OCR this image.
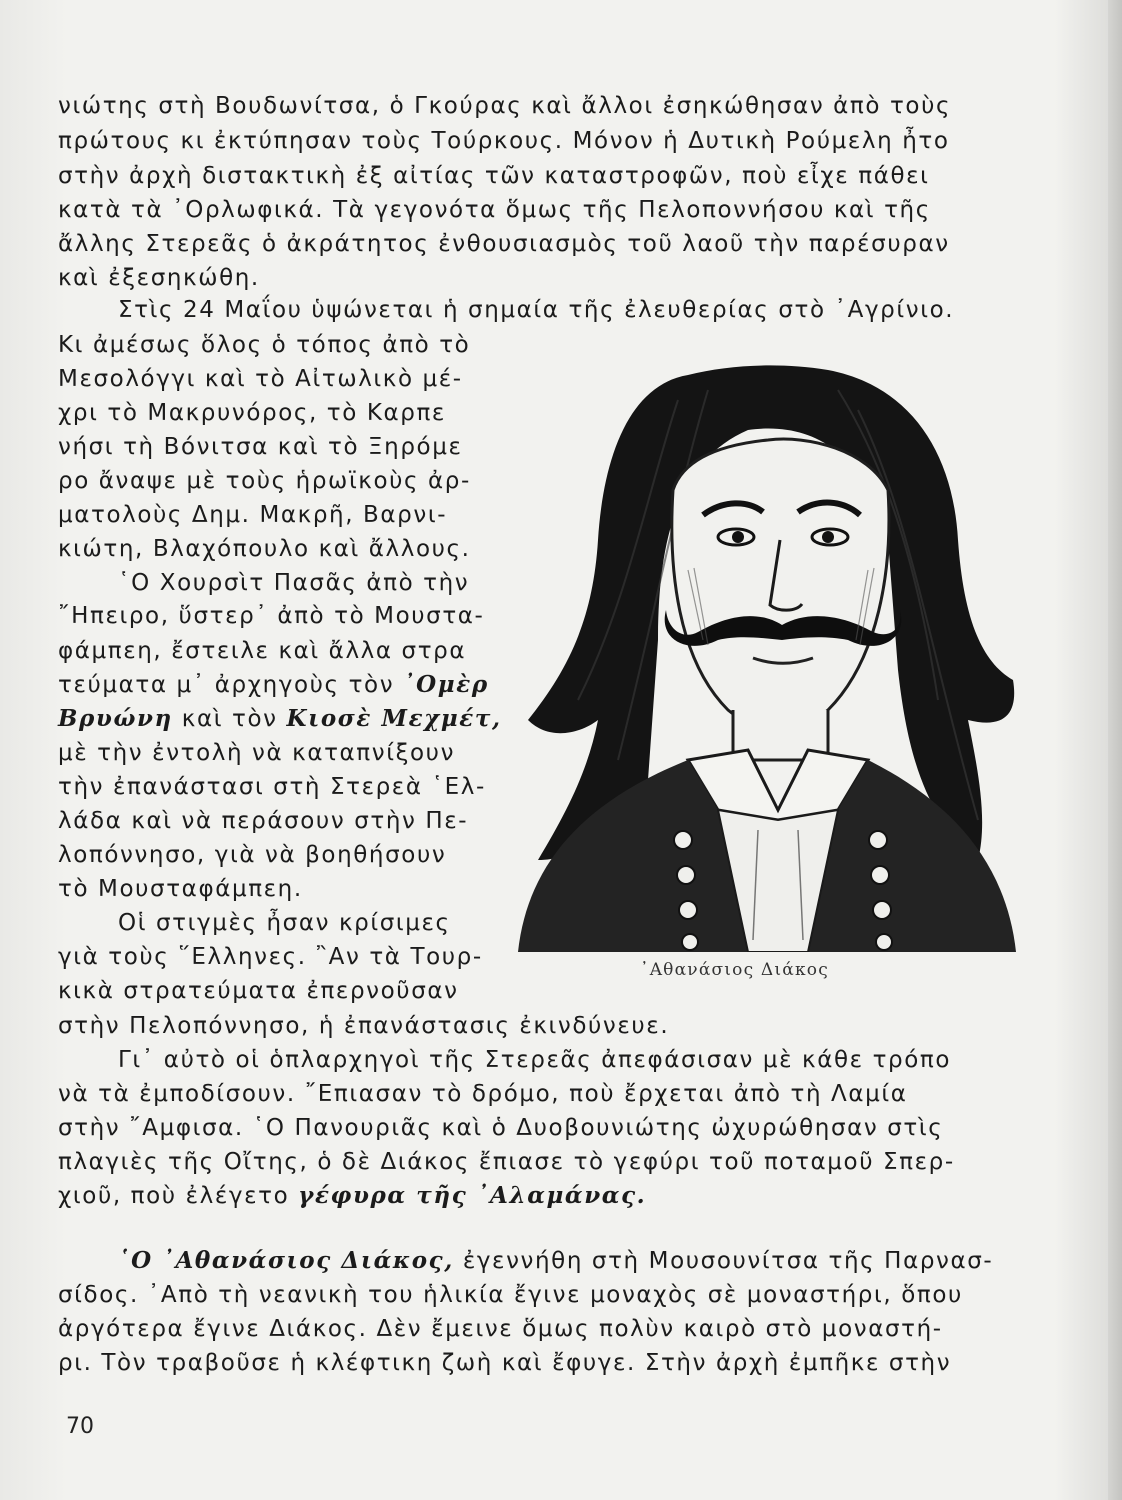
νιώτης στὴ Βουδωνίτσα, ὁ Γκούρας καὶ ἄλλοι ἐσηκώθησαν ἀπὸ τοὺς
πρώτους κι ἐκτύπησαν τοὺς Τούρκους. Μόνον ἡ Δυτικὴ Ρούμελη ἦτο
στὴν ἀρχὴ διστακτικὴ ἐξ αἰτίας τῶν καταστροφῶν, ποὺ εἶχε πάθει
κατὰ τὰ ᾿Ορλωφικά. Τὰ γεγονότα ὅμως τῆς Πελοποννήσου καὶ τῆς
ἄλλης Στερεᾶς ὁ ἀκράτητος ἐνθουσιασμὸς τοῦ λαοῦ τὴν παρέσυραν
καὶ ἐξεσηκώθη.
Στὶς 24 Μαΐου ὑψώνεται ἡ σημαία τῆς ἐλευθερίας στὸ ᾿Αγρίνιο.
Κι ἀμέσως ὅλος ὁ τόπος ἀπὸ τὸ
Μεσολόγγι καὶ τὸ Αἰτωλικὸ μέ-
χρι τὸ Μακρυνόρος, τὸ Καρπε
νήσι τὴ Βόνιτσα καὶ τὸ Ξηρόμε
ρο ἄναψε μὲ τοὺς ἡρωϊκοὺς ἀρ-
ματολοὺς Δημ. Μακρῆ, Βαρνι-
κιώτη, Βλαχόπουλο καὶ ἄλλους.
῾Ο Χουρσὶτ Πασᾶς ἀπὸ τὴν
῎Ηπειρο, ὕστερ᾿ ἀπὸ τὸ Μουστα-
φάμπεη, ἔστειλε καὶ ἄλλα στρα
τεύματα μ᾿ ἀρχηγοὺς τὸν ᾿Ομὲρ
Βρυώνη καὶ τὸν Κιοσὲ Μεχμέτ,
μὲ τὴν ἐντολὴ νὰ καταπνίξουν
τὴν ἐπανάστασι στὴ Στερεὰ ῾Ελ-
λάδα καὶ νὰ περάσουν στὴν Πε-
λοπόννησο, γιὰ νὰ βοηθήσουν
τὸ Μουσταφάμπεη.
Οἱ στιγμὲς ἦσαν κρίσιμες
γιὰ τοὺς ῞Ελληνες. ῍Αν τὰ Τουρ-
κικὰ στρατεύματα ἐπερνοῦσαν
στὴν Πελοπόννησο, ἡ ἐπανάστασις ἐκινδύνευε.
Γι᾿ αὐτὸ οἱ ὁπλαρχηγοὶ τῆς Στερεᾶς ἀπεφάσισαν μὲ κάθε τρόπο
νὰ τὰ ἐμποδίσουν. ῎Επιασαν τὸ δρόμο, ποὺ ἔρχεται ἀπὸ τὴ Λαμία
στὴν ῎Αμφισα. ῾Ο Πανουριᾶς καὶ ὁ Δυοβουνιώτης ὠχυρώθησαν στὶς
πλαγιὲς τῆς Οἴτης, ὁ δὲ Διάκος ἔπιασε τὸ γεφύρι τοῦ ποταμοῦ Σπερ-
χιοῦ, ποὺ ἐλέγετο γέφυρα τῆς ᾿Αλαμάνας.
῾Ο ᾿Αθανάσιος Διάκος, ἐγεννήθη στὴ Μουσουνίτσα τῆς Παρνασ-
σίδος. ᾿Απὸ τὴ νεανικὴ του ἡλικία ἔγινε μοναχὸς σὲ μοναστήρι, ὅπου
ἀργότερα ἔγινε Διάκος. Δὲν ἔμεινε ὅμως πολὺν καιρὸ στὸ μοναστή-
ρι. Τὸν τραβοῦσε ἡ κλέφτικη ζωὴ καὶ ἔφυγε. Στὴν ἀρχὴ ἐμπῆκε στὴν
᾿Αθανάσιος Διάκος
70
